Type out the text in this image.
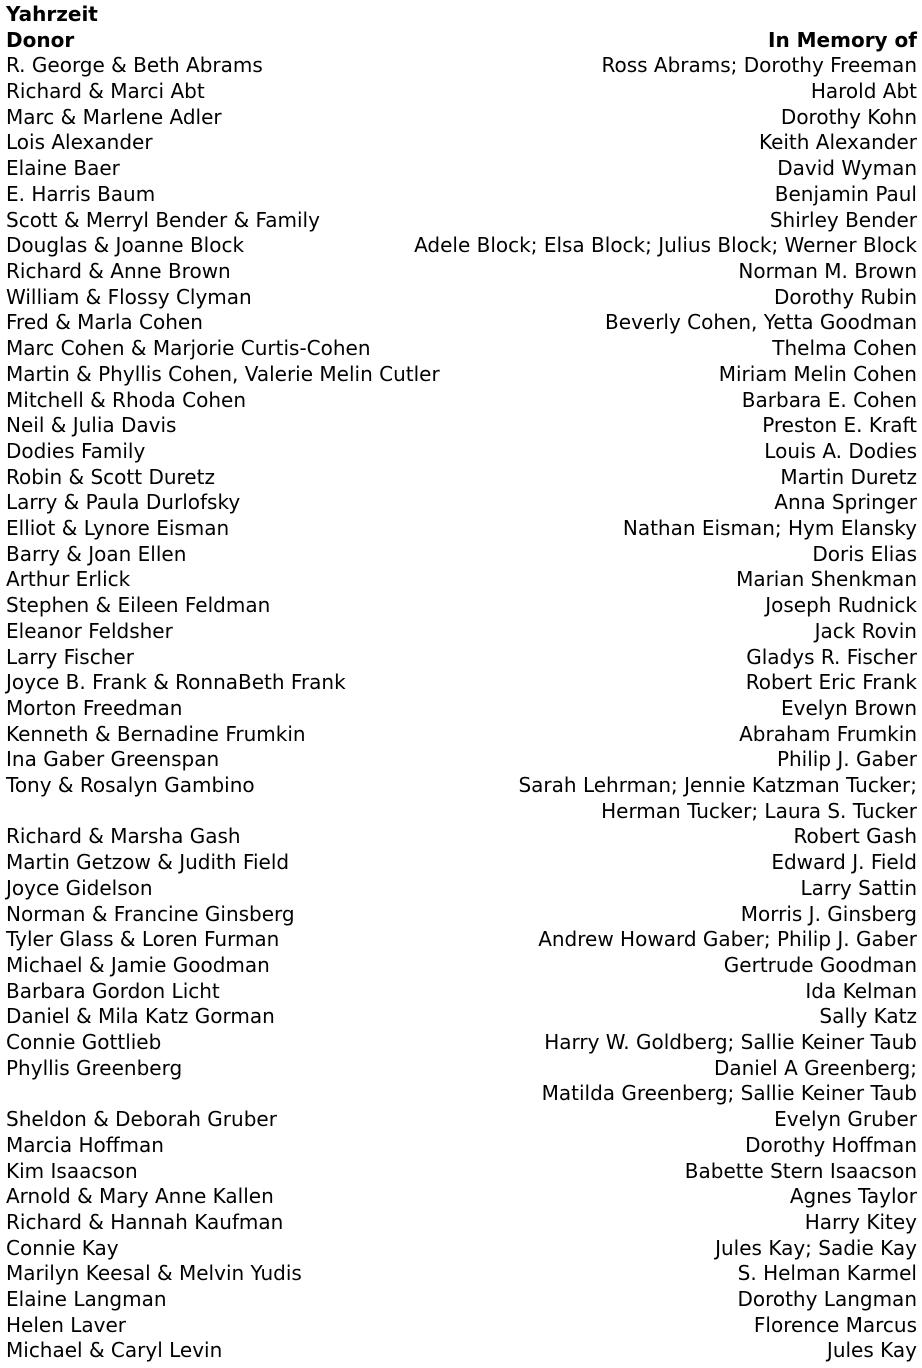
Yahrzeit
Donor	In Memory of
R. George & Beth Abrams	Ross Abrams; Dorothy Freeman
Richard & Marci Abt	Harold Abt
Marc & Marlene Adler	Dorothy Kohn
Lois Alexander	Keith Alexander
Elaine Baer	David Wyman
E. Harris Baum	Benjamin Paul
Scott & Merryl Bender & Family	Shirley Bender
Douglas & Joanne Block	Adele Block; Elsa Block; Julius Block; Werner Block
Richard & Anne Brown	Norman M. Brown
William & Flossy Clyman	Dorothy Rubin
Fred & Marla Cohen	Beverly Cohen, Yetta Goodman
Marc Cohen & Marjorie Curtis-Cohen	Thelma Cohen
Martin & Phyllis Cohen, Valerie Melin Cutler	Miriam Melin Cohen
Mitchell & Rhoda Cohen	Barbara E. Cohen
Neil & Julia Davis	Preston E. Kraft
Dodies Family	Louis A. Dodies
Robin & Scott Duretz	Martin Duretz
Larry & Paula Durlofsky	Anna Springer
Elliot & Lynore Eisman	Nathan Eisman; Hym Elansky
Barry & Joan Ellen	Doris Elias
Arthur Erlick	Marian Shenkman
Stephen & Eileen Feldman	Joseph Rudnick
Eleanor Feldsher	Jack Rovin
Larry Fischer	Gladys R. Fischer
Joyce B. Frank & RonnaBeth Frank	Robert Eric Frank
Morton Freedman	Evelyn Brown
Kenneth & Bernadine Frumkin	Abraham Frumkin
Ina Gaber Greenspan	Philip J. Gaber
Tony & Rosalyn Gambino	Sarah Lehrman; Jennie Katzman Tucker;
Herman Tucker; Laura S. Tucker
Richard & Marsha Gash	Robert Gash
Martin Getzow & Judith Field	Edward J. Field
Joyce Gidelson	Larry Sattin
Norman & Francine Ginsberg	Morris J. Ginsberg
Tyler Glass & Loren Furman	Andrew Howard Gaber; Philip J. Gaber
Michael & Jamie Goodman	Gertrude Goodman
Barbara Gordon Licht	Ida Kelman
Daniel & Mila Katz Gorman	Sally Katz
Connie Gottlieb	Harry W. Goldberg; Sallie Keiner Taub
Phyllis Greenberg	Daniel A Greenberg;
Matilda Greenberg; Sallie Keiner Taub
Sheldon & Deborah Gruber	Evelyn Gruber
Marcia Hoffman	Dorothy Hoffman
Kim Isaacson	Babette Stern Isaacson
Arnold & Mary Anne Kallen	Agnes Taylor
Richard & Hannah Kaufman	Harry Kitey
Connie Kay	Jules Kay; Sadie Kay
Marilyn Keesal & Melvin Yudis	S. Helman Karmel
Elaine Langman	Dorothy Langman
Helen Laver	Florence Marcus
Michael & Caryl Levin	Jules Kay
